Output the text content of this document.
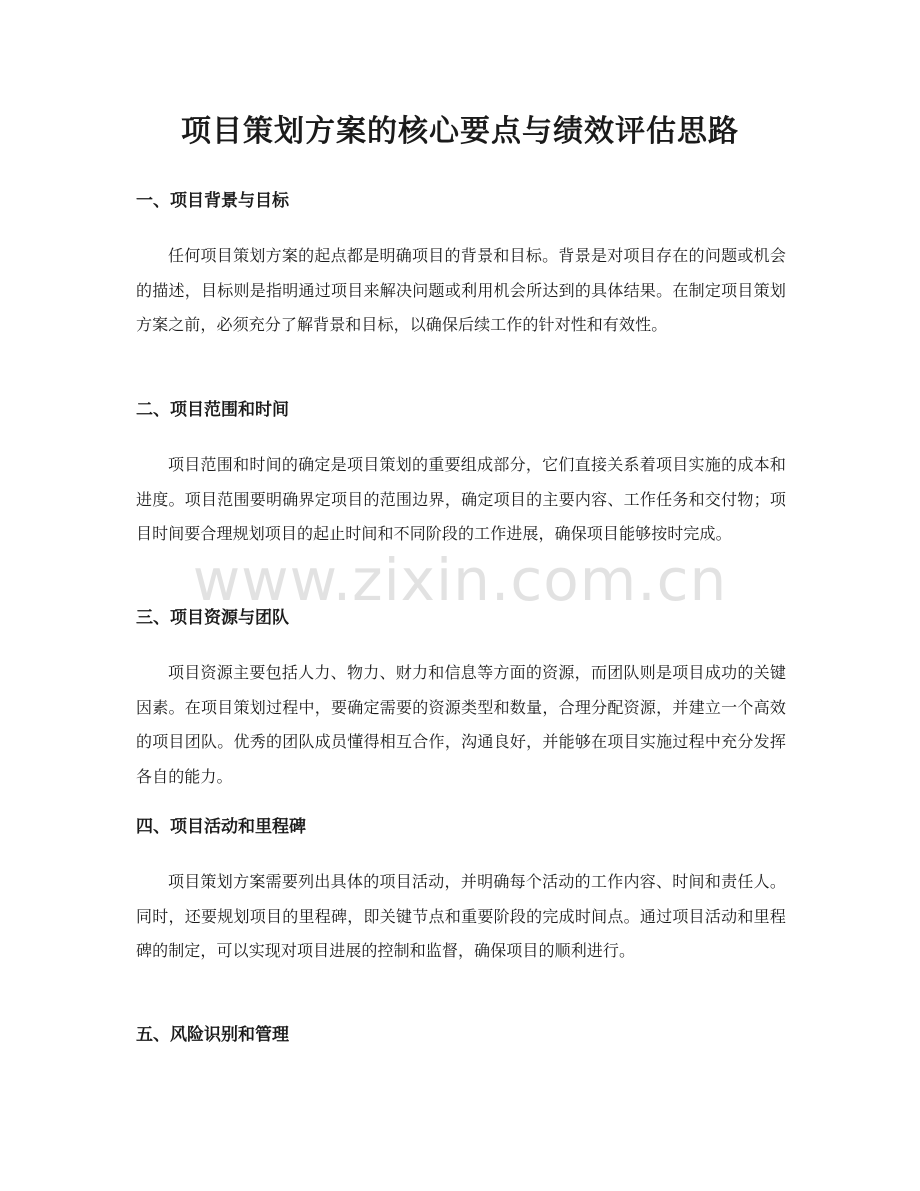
项目策划方案的核心要点与绩效评估思路
一、项目背景与目标

任何项目策划方案的起点都是明确项目的背景和目标。背景是对项目存在的问题或机会的描述，目标则是指明通过项目来解决问题或利用机会所达到的具体结果。在制定项目策划方案之前，必须充分了解背景和目标，以确保后续工作的针对性和有效性。

二、项目范围和时间

项目范围和时间的确定是项目策划的重要组成部分，它们直接关系着项目实施的成本和进度。项目范围要明确界定项目的范围边界，确定项目的主要内容、工作任务和交付物；项目时间要合理规划项目的起止时间和不同阶段的工作进展，确保项目能够按时完成。

三、项目资源与团队

项目资源主要包括人力、物力、财力和信息等方面的资源，而团队则是项目成功的关键因素。在项目策划过程中，要确定需要的资源类型和数量，合理分配资源，并建立一个高效的项目团队。优秀的团队成员懂得相互合作，沟通良好，并能够在项目实施过程中充分发挥各自的能力。

四、项目活动和里程碑

项目策划方案需要列出具体的项目活动，并明确每个活动的工作内容、时间和责任人。同时，还要规划项目的里程碑，即关键节点和重要阶段的完成时间点。通过项目活动和里程碑的制定，可以实现对项目进展的控制和监督，确保项目的顺利进行。

五、风险识别和管理
www.zixin.com.cn
